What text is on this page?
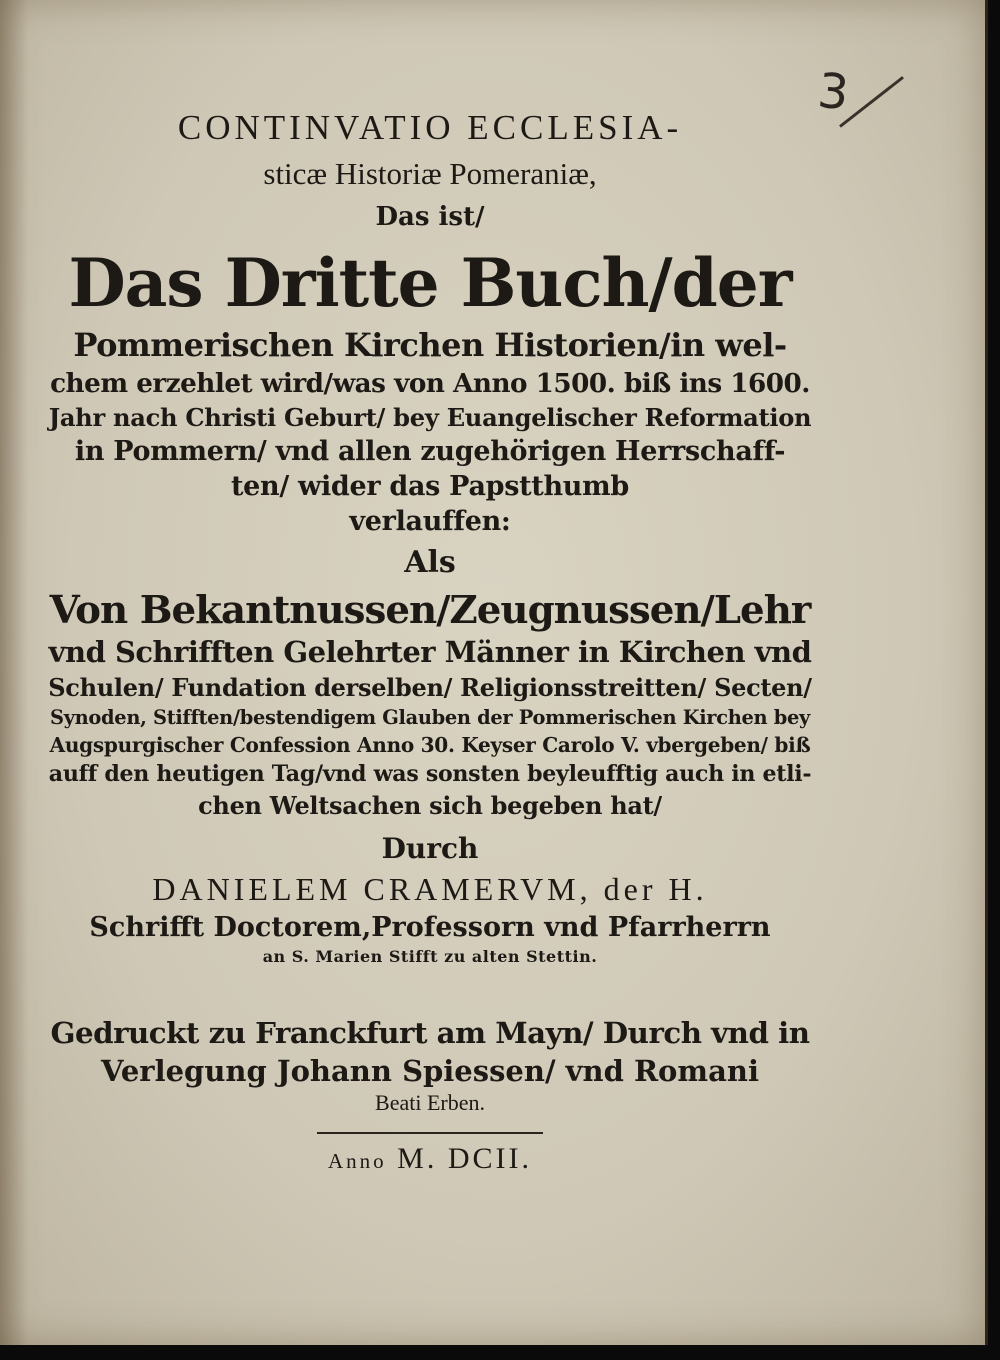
3
CONTINVATIO ECCLESIA-
sticæ Historiæ Pomeraniæ,
Das ist/
Das Dritte Buch/der
Pommerischen Kirchen Historien/in wel-
chem erzehlet wird/was von Anno 1500. biß ins 1600.
Jahr nach Christi Geburt/ bey Euangelischer Reformation
in Pommern/ vnd allen zugehörigen Herrschaff-
ten/ wider das Papstthumb
verlauffen:
Als
Von Bekantnussen/Zeugnussen/Lehr
vnd Schrifften Gelehrter Männer in Kirchen vnd
Schulen/ Fundation derselben/ Religionsstreitten/ Secten/
Synoden, Stifften/bestendigem Glauben der Pommerischen Kirchen bey
Augspurgischer Confession Anno 30. Keyser Carolo V. vbergeben/ biß
auff den heutigen Tag/vnd was sonsten beyleufftig auch in etli-
chen Weltsachen sich begeben hat/
Durch
DANIELEM CRAMERVM, der H.
Schrifft Doctorem,Professorn vnd Pfarrherrn
an S. Marien Stifft zu alten Stettin.
Gedruckt zu Franckfurt am Mayn/ Durch vnd in
Verlegung Johann Spiessen/ vnd Romani
Beati Erben.
Anno M. DCII.
